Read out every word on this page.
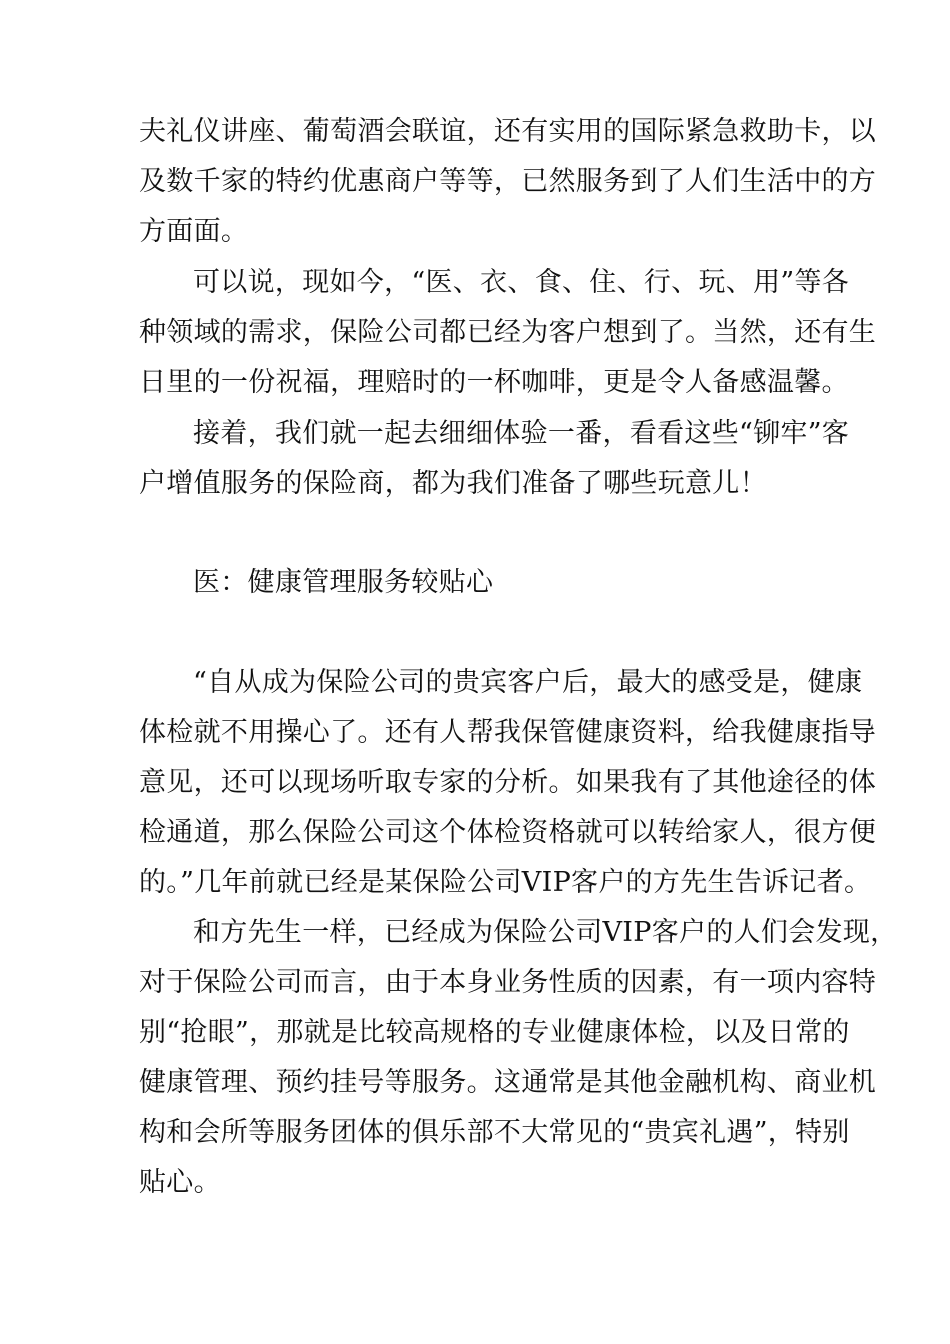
夫礼仪讲座、葡萄酒会联谊，还有实用的国际紧急救助卡，以
及数千家的特约优惠商户等等，已然服务到了人们生活中的方
方面面。
可以说，现如今，“医、衣、食、住、行、玩、用”等各
种领域的需求，保险公司都已经为客户想到了。当然，还有生
日里的一份祝福，理赔时的一杯咖啡，更是令人备感温馨。
接着，我们就一起去细细体验一番，看看这些“铆牢”客
户增值服务的保险商，都为我们准备了哪些玩意儿！
医：健康管理服务较贴心
“自从成为保险公司的贵宾客户后，最大的感受是，健康
体检就不用操心了。还有人帮我保管健康资料，给我健康指导
意见，还可以现场听取专家的分析。如果我有了其他途径的体
检通道，那么保险公司这个体检资格就可以转给家人，很方便
的。”几年前就已经是某保险公司VIP客户的方先生告诉记者。
和方先生一样，已经成为保险公司VIP客户的人们会发现，
对于保险公司而言，由于本身业务性质的因素，有一项内容特
别“抢眼”，那就是比较高规格的专业健康体检，以及日常的
健康管理、预约挂号等服务。这通常是其他金融机构、商业机
构和会所等服务团体的俱乐部不大常见的“贵宾礼遇”，特别
贴心。
